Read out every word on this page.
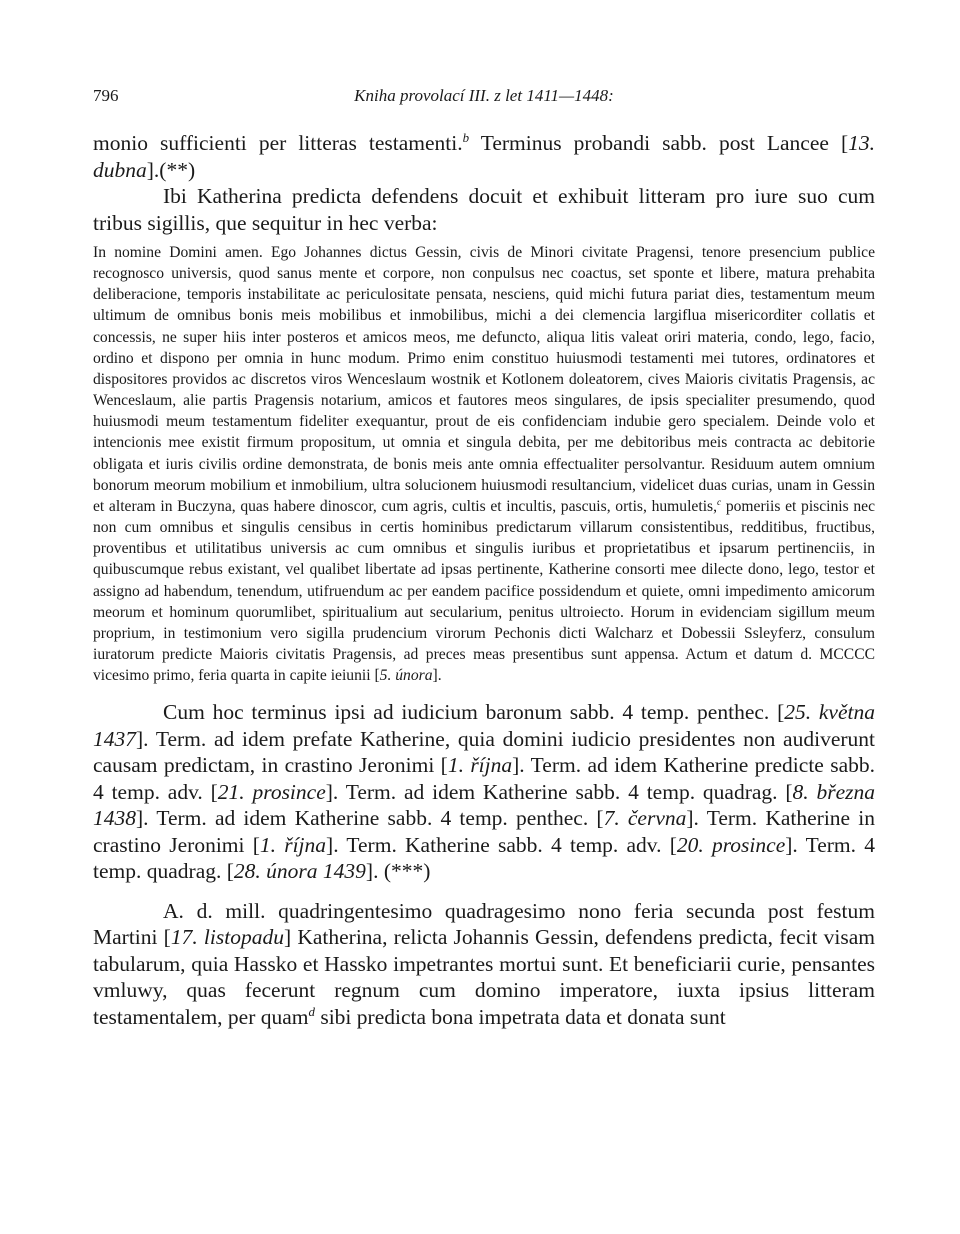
796	Kniha provolací III. z let 1411—1448:

monio sufficienti per litteras testamenti.$^b$ Terminus probandi sabb. post Lancee [13. dubna].(**)

Ibi Katherina predicta defendens docuit et exhibuit litteram pro iure suo cum tribus sigillis, que sequitur in hec verba:

In nomine Domini amen. Ego Johannes dictus Gessin, civis de Minori civitate Pragensi, tenore presencium publice recognosco universis, quod sanus mente et corpore, non conpulsus nec coactus, set sponte et libere, matura prehabita deliberacione, temporis instabilitate ac periculositate pensata, nesciens, quid michi futura pariat dies, testamentum meum ultimum de omnibus bonis meis mobilibus et inmobilibus, michi a dei clemencia largiflua misericorditer collatis et concessis, ne super hiis inter posteros et amicos meos, me defuncto, aliqua litis valeat oriri materia, condo, lego, facio, ordino et dispono per omnia in hunc modum. Primo enim constituo huiusmodi testamenti mei tutores, ordinatores et dispositores providos ac discretos viros Wenceslaum wostnik et Kotlonem doleatorem, cives Maioris civitatis Pragensis, ac Wenceslaum, alie partis Pragensis notarium, amicos et fautores meos singulares, de ipsis specialiter presumendo, quod huiusmodi meum testamentum fideliter exequantur, prout de eis confidenciam indubie gero specialem. Deinde volo et intencionis mee existit firmum propositum, ut omnia et singula debita, per me debitoribus meis contracta ac debitorie obligata et iuris civilis ordine demonstrata, de bonis meis ante omnia effectualiter persolvantur. Residuum autem omnium bonorum meorum mobilium et inmobilium, ultra solucionem huiusmodi resultancium, videlicet duas curias, unam in Gessin et alteram in Buczyna, quas habere dinoscor, cum agris, cultis et incultis, pascuis, ortis, humuletis,$^c$ pomeriis et piscinis nec non cum omnibus et singulis censibus in certis hominibus predictarum villarum consistentibus, redditibus, fructibus, proventibus et utilitatibus universis ac cum omnibus et singulis iuribus et proprietatibus et ipsarum pertinenciis, in quibuscumque rebus existant, vel qualibet libertate ad ipsas pertinente, Katherine consorti mee dilecte dono, lego, testor et assigno ad habendum, tenendum, utifruendum ac per eandem pacifice possidendum et quiete, omni impedimento amicorum meorum et hominum quorumlibet, spiritualium aut secularium, penitus ultroiecto. Horum in evidenciam sigillum meum proprium, in testimonium vero sigilla prudencium virorum Pechonis dicti Walcharz et Dobessii Ssleyferz, consulum iuratorum predicte Maioris civitatis Pragensis, ad preces meas presentibus sunt appensa. Actum et datum d. MCCCC vicesimo primo, feria quarta in capite ieiunii [5. února].

Cum hoc terminus ipsi ad iudicium baronum sabb. 4 temp. penthec. [25. května 1437]. Term. ad idem prefate Katherine, quia domini iudicio presidentes non audiverunt causam predictam, in crastino Jeronimi [1. října]. Term. ad idem Katherine predicte sabb. 4 temp. adv. [21. prosince]. Term. ad idem Katherine sabb. 4 temp. quadrag. [8. března 1438]. Term. ad idem Katherine sabb. 4 temp. penthec. [7. června]. Term. Katherine in crastino Jeronimi [1. října]. Term. Katherine sabb. 4 temp. adv. [20. prosince]. Term. 4 temp. quadrag. [28. února 1439]. (***)

A. d. mill. quadringentesimo quadragesimo nono feria secunda post festum Martini [17. listopadu] Katherina, relicta Johannis Gessin, defendens predicta, fecit visam tabularum, quia Hassko et Hassko impetrantes mortui sunt. Et beneficiarii curie, pensantes vmluwy, quas fecerunt regnum cum domino imperatore, iuxta ipsius litteram testamentalem, per quam$^d$ sibi predicta bona impetrata data et donata sunt
